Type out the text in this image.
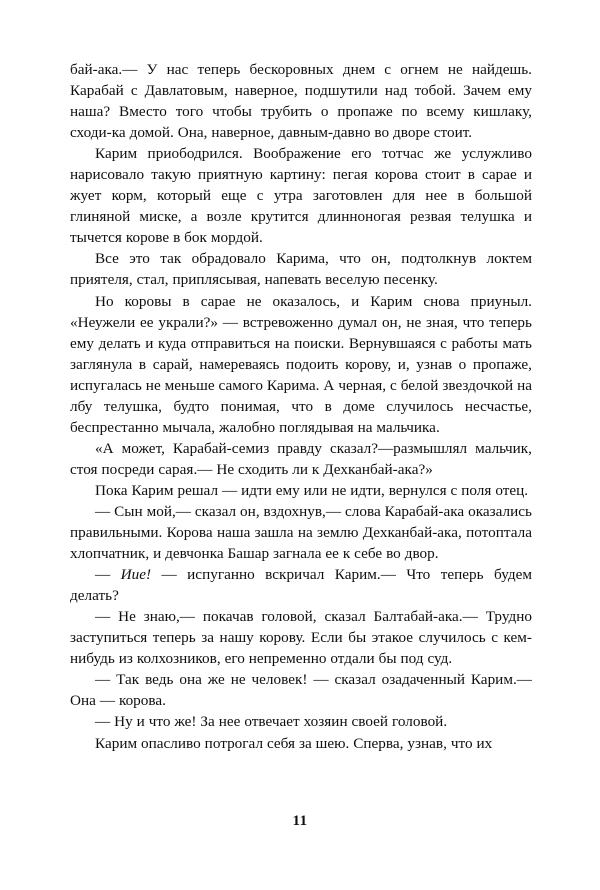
бай-ака.— У нас теперь бескоровных днем с огнем не найдешь. Карабай с Давлатовым, наверное, подшутили над тобой. Зачем ему наша? Вместо того чтобы трубить о пропаже по всему кишлаку, сходи-ка домой. Она, наверное, давным-давно во дворе стоит.

Карим приободрился. Воображение его тотчас же услужливо нарисовало такую приятную картину: пегая корова стоит в сарае и жует корм, который еще с утра заготовлен для нее в большой глиняной миске, а возле крутится длинноногая резвая телушка и тычется корове в бок мордой.

Все это так обрадовало Карима, что он, подтолкнув локтем приятеля, стал, приплясывая, напевать веселую песенку.

Но коровы в сарае не оказалось, и Карим снова приуныл. «Неужели ее украли?» — встревоженно думал он, не зная, что теперь ему делать и куда отправиться на поиски. Вернувшаяся с работы мать заглянула в сарай, намереваясь подоить корову, и, узнав о пропаже, испугалась не меньше самого Карима. А черная, с белой звездочкой на лбу телушка, будто понимая, что в доме случилось несчастье, беспрестанно мычала, жалобно поглядывая на мальчика.

«А может, Карабай-семиз правду сказал?—размышлял мальчик, стоя посреди сарая.— Не сходить ли к Дехканбай-ака?»

Пока Карим решал — идти ему или не идти, вернулся с поля отец.

— Сын мой,— сказал он, вздохнув,— слова Карабай-ака оказались правильными. Корова наша зашла на землю Дехканбай-ака, потоптала хлопчатник, и девчонка Башар загнала ее к себе во двор.

— Иие! — испуганно вскричал Карим.— Что теперь будем делать?

— Не знаю,— покачав головой, сказал Балтабай-ака.— Трудно заступиться теперь за нашу корову. Если бы этакое случилось с кем-нибудь из колхозников, его непременно отдали бы под суд.

— Так ведь она же не человек! — сказал озадаченный Карим.— Она — корова.

— Ну и что же! За нее отвечает хозяин своей головой.

Карим опасливо потрогал себя за шею. Сперва, узнав, что их

11
